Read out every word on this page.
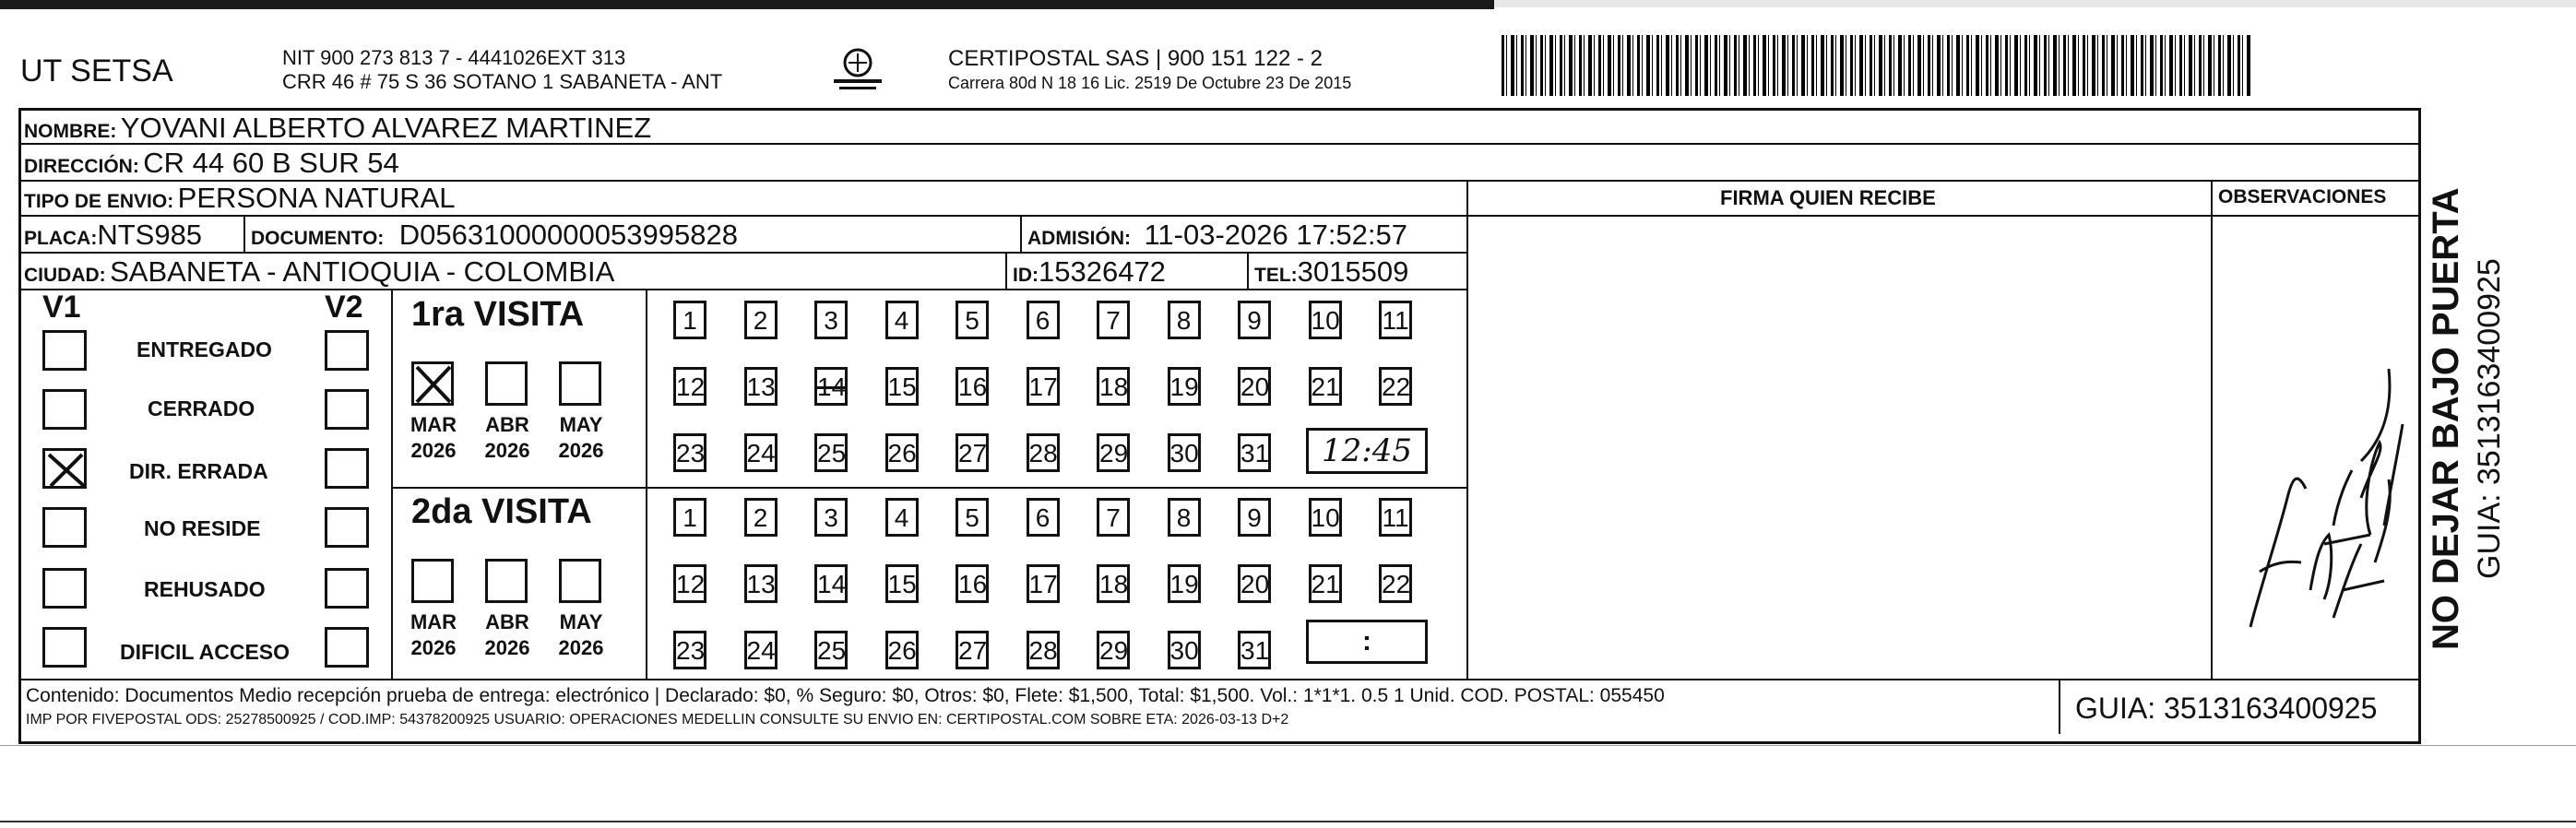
UT SETSA	NIT 900 273 813 7 - 4441026EXT 313
CRR 46 # 75 S 36 SOTANO 1 SABANETA - ANT
CERTIPOSTAL SAS | 900 151 122 - 2
Carrera 80d N 18 16 Lic. 2519 De Octubre 23 De 2015
NOMBRE: YOVANI ALBERTO ALVAREZ MARTINEZ
DIRECCIÓN: CR 44 60 B SUR 54
TIPO DE ENVIO: PERSONA NATURAL	FIRMA QUIEN RECIBE	OBSERVACIONES
PLACA:NTS985	DOCUMENTO: D05631000000053995828	ADMISIÓN: 11-03-2026 17:52:57
CIUDAD: SABANETA - ANTIOQUIA - COLOMBIA	ID:15326472	TEL:3015509
V1	V2
ENTREGADO
CERRADO
DIR. ERRADA
NO RESIDE
REHUSADO
DIFICIL ACCESO
1ra VISITA
MAR ABR MAY
2026 2026 2026
1	2	3	4	5	6	7	8	9	10 11
12 13 14 15 16 17 18 19 20 21 22
23 24 25 26 27 28 29 30 31	12:45
2da VISITA
MAR ABR MAY
2026 2026 2026
1	2	3	4	5	6	7	8	9	10 11
12 13 14 15 16 17 18 19 20 21 22
23 24 25 26 27 28 29 30 31	:
Contenido: Documentos Medio recepción prueba de entrega: electrónico | Declarado: $0, % Seguro: $0, Otros: $0, Flete: $1,500, Total: $1,500. Vol.: 1*1*1. 0.5 1 Unid. COD. POSTAL: 055450
IMP POR FIVEPOSTAL ODS: 25278500925 / COD.IMP: 54378200925 USUARIO: OPERACIONES MEDELLIN CONSULTE SU ENVIO EN: CERTIPOSTAL.COM SOBRE ETA: 2026-03-13 D+2	GUIA: 3513163400925
NO DEJAR BAJO PUERTA GUIA: 3513163400925
